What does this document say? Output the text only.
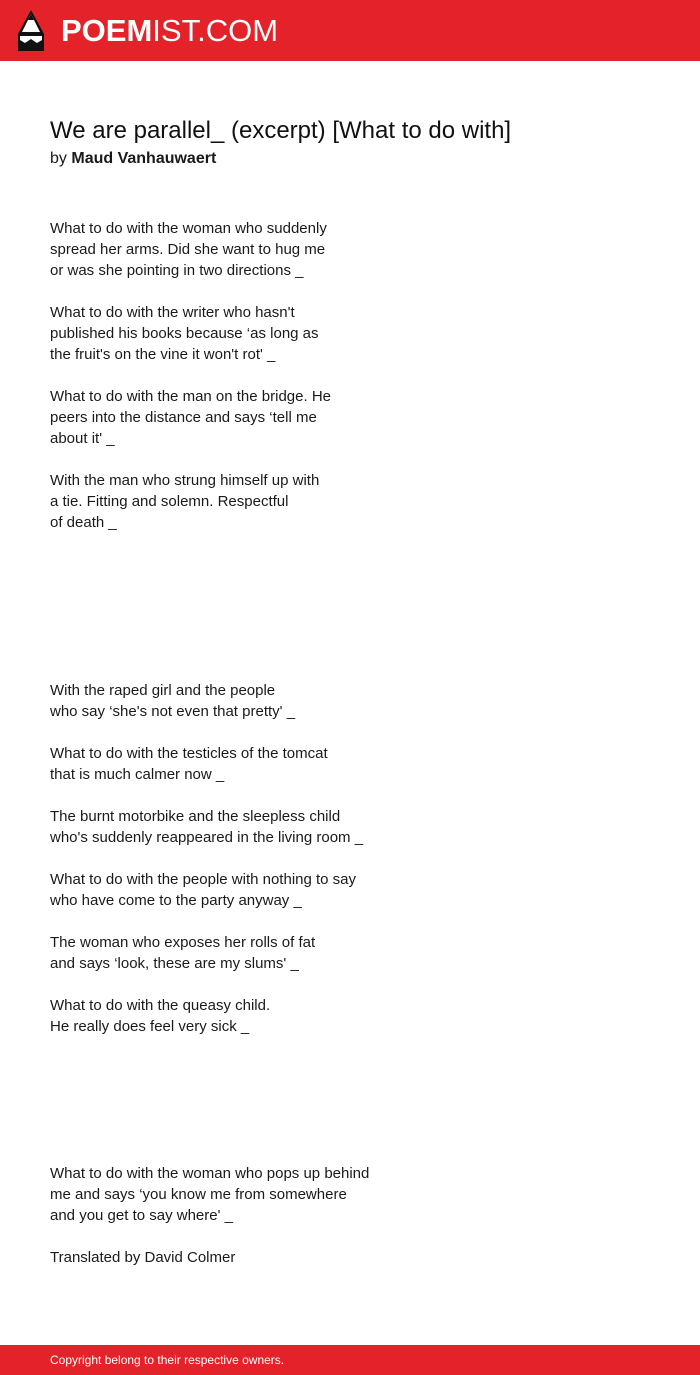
POEMIST.COM
We are parallel_ (excerpt) [What to do with]
by Maud Vanhauwaert

What to do with the woman who suddenly
spread her arms. Did she want to hug me
or was she pointing in two directions _

What to do with the writer who hasn't
published his books because ‘as long as
the fruit's on the vine it won't rot' _

What to do with the man on the bridge. He
peers into the distance and says ‘tell me
about it' _

With the man who strung himself up with
a tie. Fitting and solemn. Respectful
of death _

With the raped girl and the people
who say ‘she's not even that pretty' _

What to do with the testicles of the tomcat
that is much calmer now _

The burnt motorbike and the sleepless child
who's suddenly reappeared in the living room _

What to do with the people with nothing to say
who have come to the party anyway _

The woman who exposes her rolls of fat
and says ‘look, these are my slums' _

What to do with the queasy child.
He really does feel very sick _

What to do with the woman who pops up behind
me and says ‘you know me from somewhere
and you get to say where' _

Translated by David Colmer

Copyright belong to their respective owners.
